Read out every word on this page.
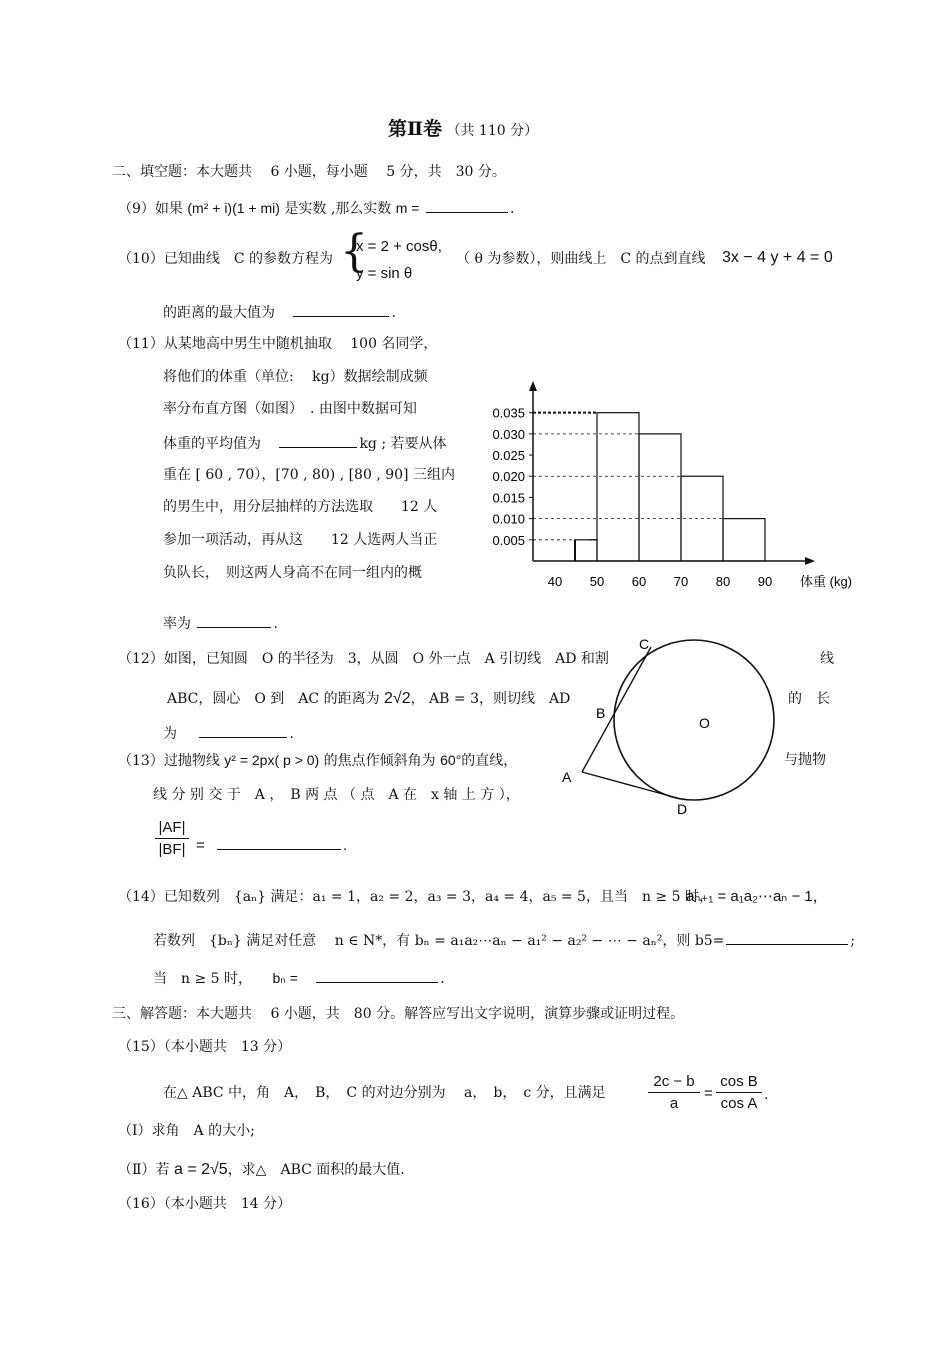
第Ⅱ卷 （共 110 分）
二、填空题：本大题共　 6 小题，每小题　 5 分，共　30 分。
（9）如果 (m² + i)(1 + mi) 是实数 ,那么实数 m =	.
（10）已知曲线　C 的参数方程为 {
x = 2 + cosθ,
y = sin θ
（ θ 为参数），则曲线上　C 的点到直线 3x − 4 y + 4 = 0
的距离的最大值为	.
（11）从某地高中男生中随机抽取　 100 名同学，
将他们的体重（单位:　 kg）数据绘制成频
率分布直方图（如图）　. 由图中数据可知
体重的平均值为	kg ; 若要从体
重在 [ 60 , 70），[70 , 80) , [80 , 90] 三组内
的男生中，用分层抽样的方法选取　　12 人
参加一项活动，再从这　　12 人选两人当正
负队长，　则这两人身高不在同一组内的概
率为	.
0.005
0.010
0.015
0.020
0.025
0.030
0.035
40 50 60 70 80 90 体重 (kg)
（12）如图，已知圆　O 的半径为　3，从圆　O 外一点　A 引切线　AD 和割	线
ABC，圆心　O 到　AC 的距离为 2√2， AB = 3，则切线　AD	的　长
为	.
C
B
O
A
D
（13）过抛物线 y² = 2px( p > 0) 的焦点作倾斜角为 60°的直线，	与抛物
线 分 别 交 于　A ，　B 两 点 （ 点　A 在　x 轴 上 方 ），
|AF|
|BF| =	.
（14）已知数列　{aₙ} 满足：a₁ = 1，a₂ = 2，a₃ = 3，a₄ = 4，a₅ = 5，且当　n ≥ 5 时，
aₙ₊₁ = a₁a₂⋯aₙ − 1，
若数列　{bₙ} 满足对任意　 n ∈ N*，有 bₙ = a₁a₂⋯aₙ − a₁² − a₂² − ⋯ − aₙ²，则 b5=	;
当　n ≥ 5 时， bₙ =	.
三、解答题：本大题共　 6 小题，共　80 分。解答应写出文字说明，演算步骤或证明过程。
（15）（本小题共　13 分）
在△ ABC 中，角　A，　B，　C 的对边分别为　 a，　b，　c 分，且满足
2c − b
a
=
cos B
cos A .
（Ⅰ）求角　A 的大小;
（Ⅱ）若 a = 2√5，求△　ABC 面积的最大值.
（16）（本小题共　14 分）
